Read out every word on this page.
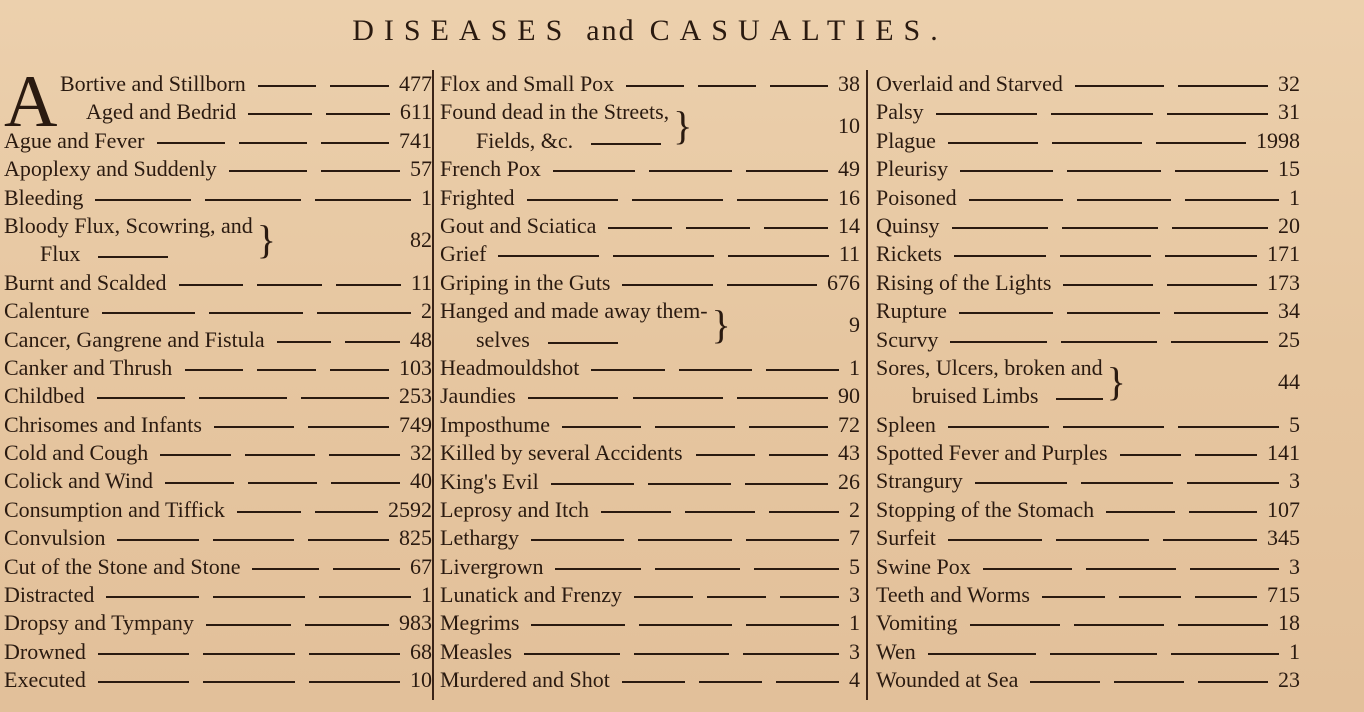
DISEASES and CASUALTIES.
A Bortive and Stillborn	477
Aged and Bedrid	611
Ague and Fever	741
Apoplexy and Suddenly	57
Bleeding	1
Bloody Flux, Scowring, and
Flux	}	82
Burnt and Scalded	11
Calenture	2
Cancer, Gangrene and Fistula	48
Canker and Thrush	103
Childbed	253
Chrisomes and Infants	749
Cold and Cough	32
Colick and Wind	40
Consumption and Tiffick	2592
Convulsion	825
Cut of the Stone and Stone	67
Distracted	1
Dropsy and Tympany	983
Drowned	68
Executed	10
Flox and Small Pox	38
Found dead in the Streets,
Fields, &c. }	10
French Pox	49
Frighted	16
Gout and Sciatica	14
Grief	11
Griping in the Guts	676
Hanged and made away them-
selves	}	9
Headmouldshot	1
Jaundies	90
Imposthume	72
Killed by several Accidents	43
King's Evil	26
Leprosy and Itch	2
Lethargy	7
Livergrown	5
Lunatick and Frenzy	3
Megrims	1
Measles	3
Murdered and Shot	4
Overlaid and Starved	32
Palsy	31
Plague	1998
Pleurisy	15
Poisoned	1
Quinsy	20
Rickets	171
Rising of the Lights	173
Rupture	34
Scurvy	25
Sores, Ulcers, broken and
bruised Limbs }	44
Spleen	5
Spotted Fever and Purples	141
Strangury	3
Stopping of the Stomach	107
Surfeit	345
Swine Pox	3
Teeth and Worms	715
Vomiting	18
Wen	1
Wounded at Sea	23
